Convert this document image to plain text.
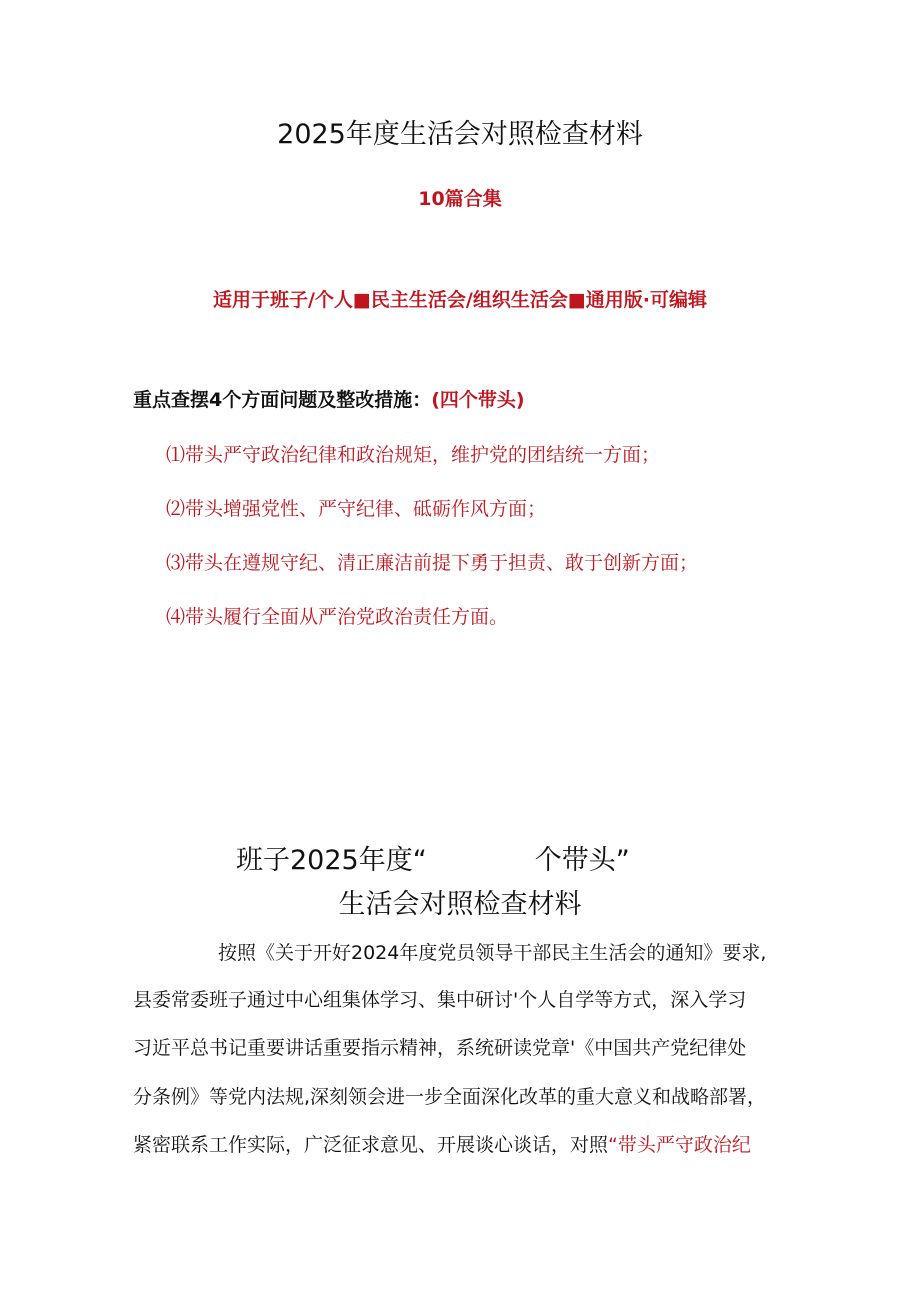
2025年度生活会对照检查材料
10篇合集
适用于班子/个人■民主生活会/组织生活会■通用版·可编辑
重点查摆4个方面问题及整改措施：(四个带头)
⑴带头严守政治纪律和政治规矩，维护党的团结统一方面；
⑵带头增强党性、严守纪律、砥砺作风方面；
⑶带头在遵规守纪、清正廉洁前提下勇于担责、敢于创新方面；
⑷带头履行全面从严治党政治责任方面。
班子2025年度“	个带头”
生活会对照检查材料
按照《关于开好2024年度党员领导干部民主生活会的通知》要求,
县委常委班子通过中心组集体学习、集中研讨'个人自学等方式，深入学习
习近平总书记重要讲话重要指示精神，系统研读党章'《中国共产党纪律处
分条例》等党内法规,深刻领会进一步全面深化改革的重大意义和战略部署，
紧密联系工作实际，广泛征求意见、开展谈心谈话，对照“带头严守政治纪
